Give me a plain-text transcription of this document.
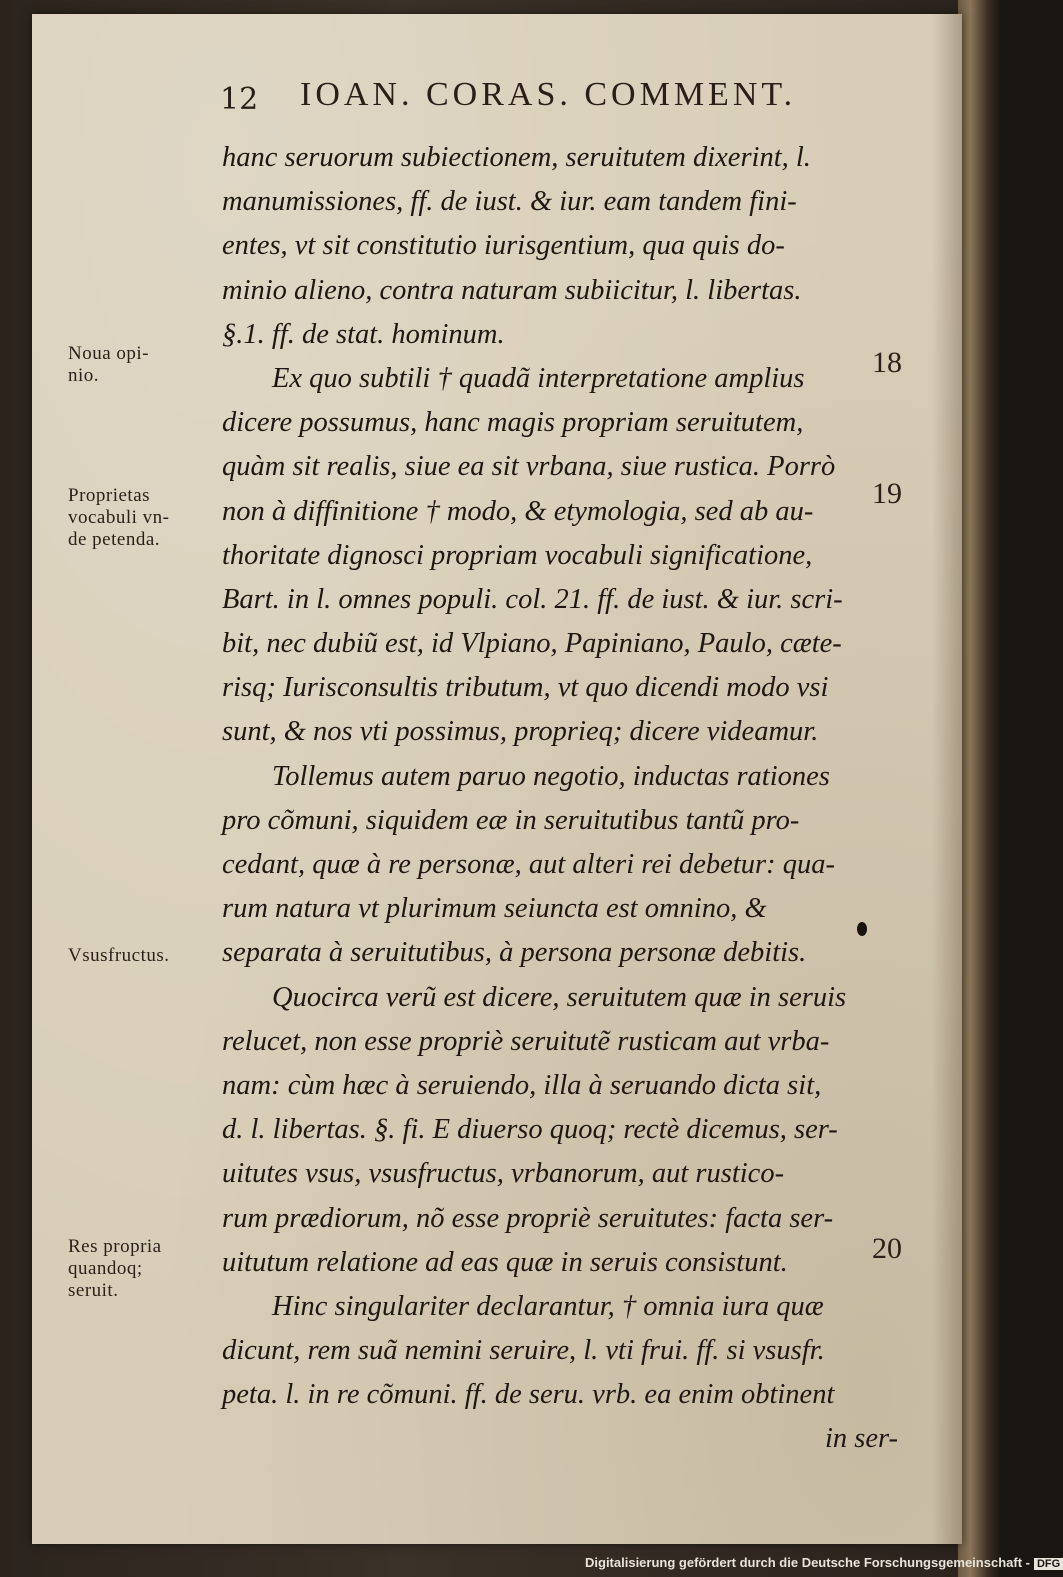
12 IOAN. CORAS. COMMENT.
hanc seruorum subiectionem, seruitutem dixerint, l.
manumissiones, ff. de iust. & iur. eam tandem fini-
entes, vt sit constitutio iurisgentium, qua quis do-
minio alieno, contra naturam subiicitur, l. libertas.
§.1. ff. de stat. hominum.
Ex quo subtili † quadã interpretatione amplius
dicere possumus, hanc magis propriam seruitutem,
quàm sit realis, siue ea sit vrbana, siue rustica. Porrò
non à diffinitione † modo, & etymologia, sed ab au-
thoritate dignosci propriam vocabuli significatione,
Bart. in l. omnes populi. col. 21. ff. de iust. & iur. scri-
bit, nec dubiũ est, id Vlpiano, Papiniano, Paulo, cæte-
risq; Iurisconsultis tributum, vt quo dicendi modo vsi
sunt, & nos vti possimus, proprieq; dicere videamur.
Tollemus autem paruo negotio, inductas rationes
pro cõmuni, siquidem eæ in seruitutibus tantũ pro-
cedant, quæ à re personæ, aut alteri rei debetur: qua-
rum natura vt plurimum seiuncta est omnino, &
separata à seruitutibus, à persona personæ debitis.
Quocirca verũ est dicere, seruitutem quæ in seruis
relucet, non esse propriè seruitutẽ rusticam aut vrba-
nam: cùm hæc à seruiendo, illa à seruando dicta sit,
d. l. libertas. §. fi. E diuerso quoq; rectè dicemus, ser-
uitutes vsus, vsusfructus, vrbanorum, aut rustico-
rum prædiorum, nõ esse propriè seruitutes: facta ser-
uitutum relatione ad eas quæ in seruis consistunt.
Hinc singulariter declarantur, † omnia iura quæ
dicunt, rem suã nemini seruire, l. vti frui. ff. si vsusfr.
peta. l. in re cõmuni. ff. de seru. vrb. ea enim obtinent
in ser-
Noua opi-
nio.
Proprietas
vocabuli vn-
de petenda.
Vsusfructus.
Res propria
quandoq;
seruit.
18
19
20
Digitalisierung gefördert durch die Deutsche Forschungsgemeinschaft - DFG
